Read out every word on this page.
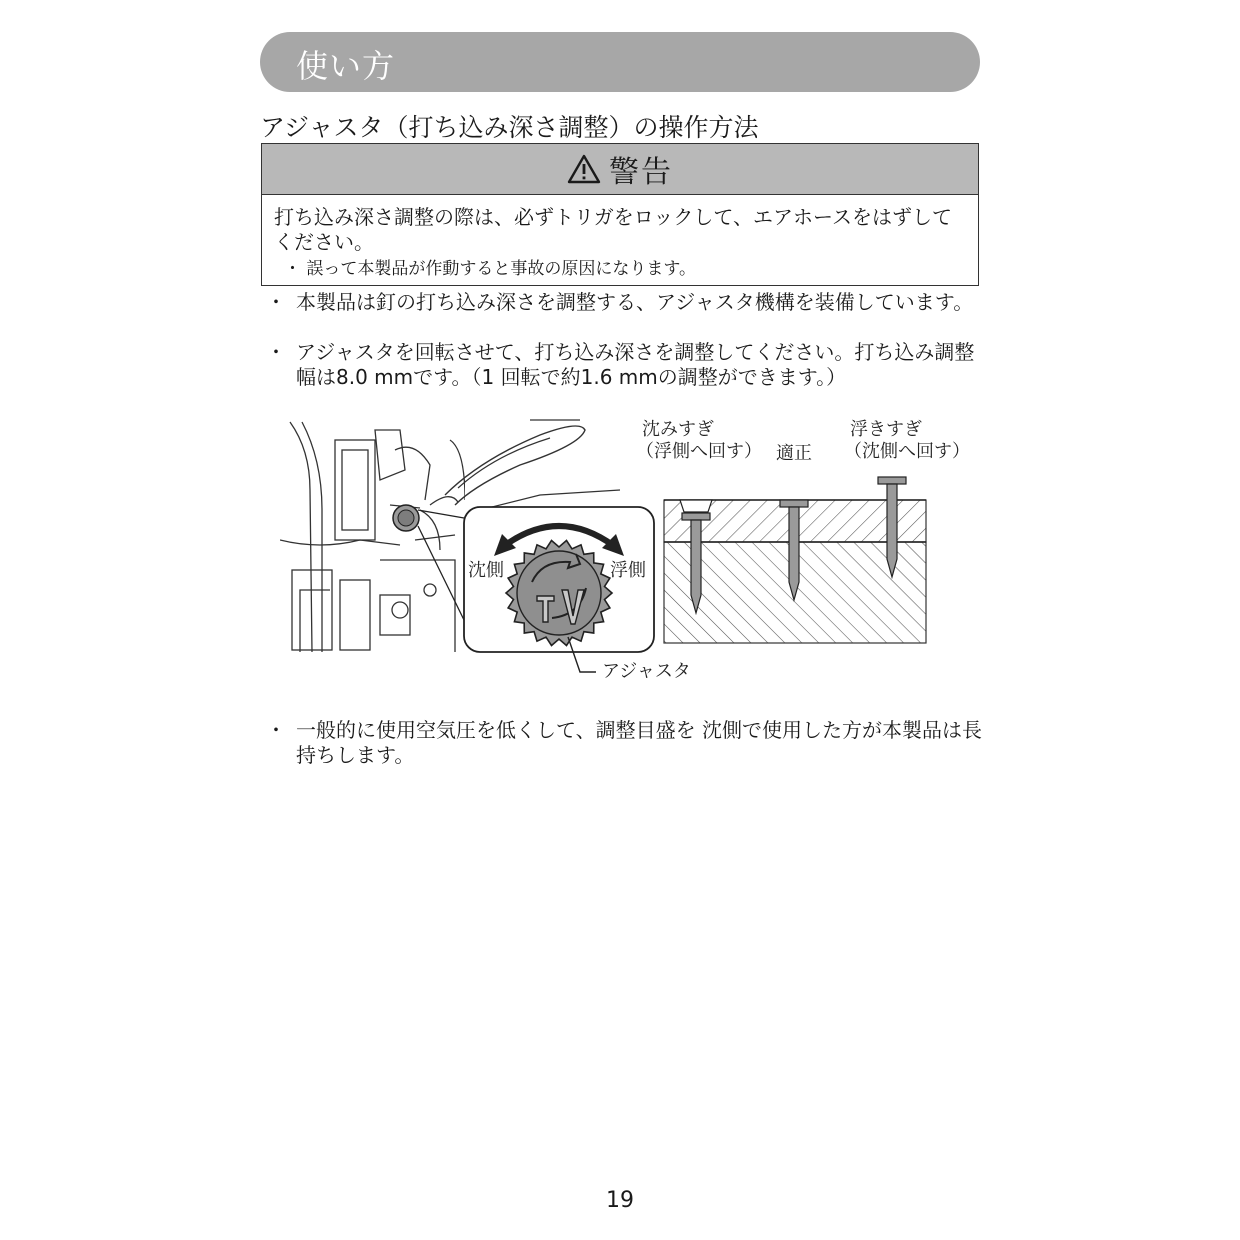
使い方
アジャスタ（打ち込み深さ調整）の操作方法
警告

打ち込み深さ調整の際は、必ずトリガをロックして、エアホースをはずしてください。

・ 誤って本製品が作動すると事故の原因になります。

・ 本製品は釘の打ち込み深さを調整する、アジャスタ機構を装備しています。
・ アジャスタを回転させて、打ち込み深さを調整してください。打ち込み調整幅は8.0 mmです。（1 回転で約1.6 mmの調整ができます。）
沈側	浮側
アジャスタ
沈みすぎ
（浮側へ回す） 適正
浮きすぎ
（沈側へ回す）
・ 一般的に使用空気圧を低くして、調整目盛を 沈側で使用した方が本製品は長持ちします。
19
